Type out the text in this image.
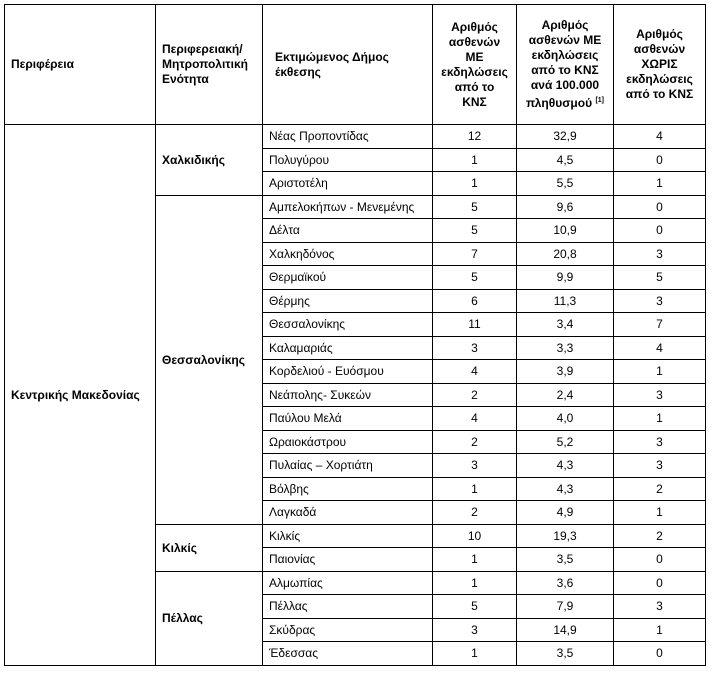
Περιφέρεια	Περιφερειακή/ Μητροπολιτική Ενότητα	Εκτιμώμενος Δήμος έκθεσης	Αριθμός ασθενών ΜΕ εκδηλώσεις από το ΚΝΣ	Αριθμός ασθενών ΜΕ εκδηλώσεις από το ΚΝΣ ανά 100.000 πληθυσμού [1]	Αριθμός ασθενών ΧΩΡΙΣ εκδηλώσεις από το ΚΝΣ
Κεντρικής Μακεδονίας	Χαλκιδικής	Νέας Προποντίδας	12	32,9	4
		Πολυγύρου	1	4,5	0
		Αριστοτέλη	1	5,5	1
	Θεσσαλονίκης	Αμπελοκήπων - Μενεμένης	5	9,6	0
		Δέλτα	5	10,9	0
		Χαλκηδόνος	7	20,8	3
		Θερμαϊκού	5	9,9	5
		Θέρμης	6	11,3	3
		Θεσσαλονίκης	11	3,4	7
		Καλαμαριάς	3	3,3	4
		Κορδελιού - Ευόσμου	4	3,9	1
		Νεάπολης- Συκεών	2	2,4	3
		Παύλου Μελά	4	4,0	1
		Ωραιοκάστρου	2	5,2	3
		Πυλαίας – Χορτιάτη	3	4,3	3
		Βόλβης	1	4,3	2
		Λαγκαδά	2	4,9	1
	Κιλκίς	Κιλκίς	10	19,3	2
		Παιονίας	1	3,5	0
	Πέλλας	Αλμωπίας	1	3,6	0
		Πέλλας	5	7,9	3
		Σκύδρας	3	14,9	1
		Έδεσσας	1	3,5	0
